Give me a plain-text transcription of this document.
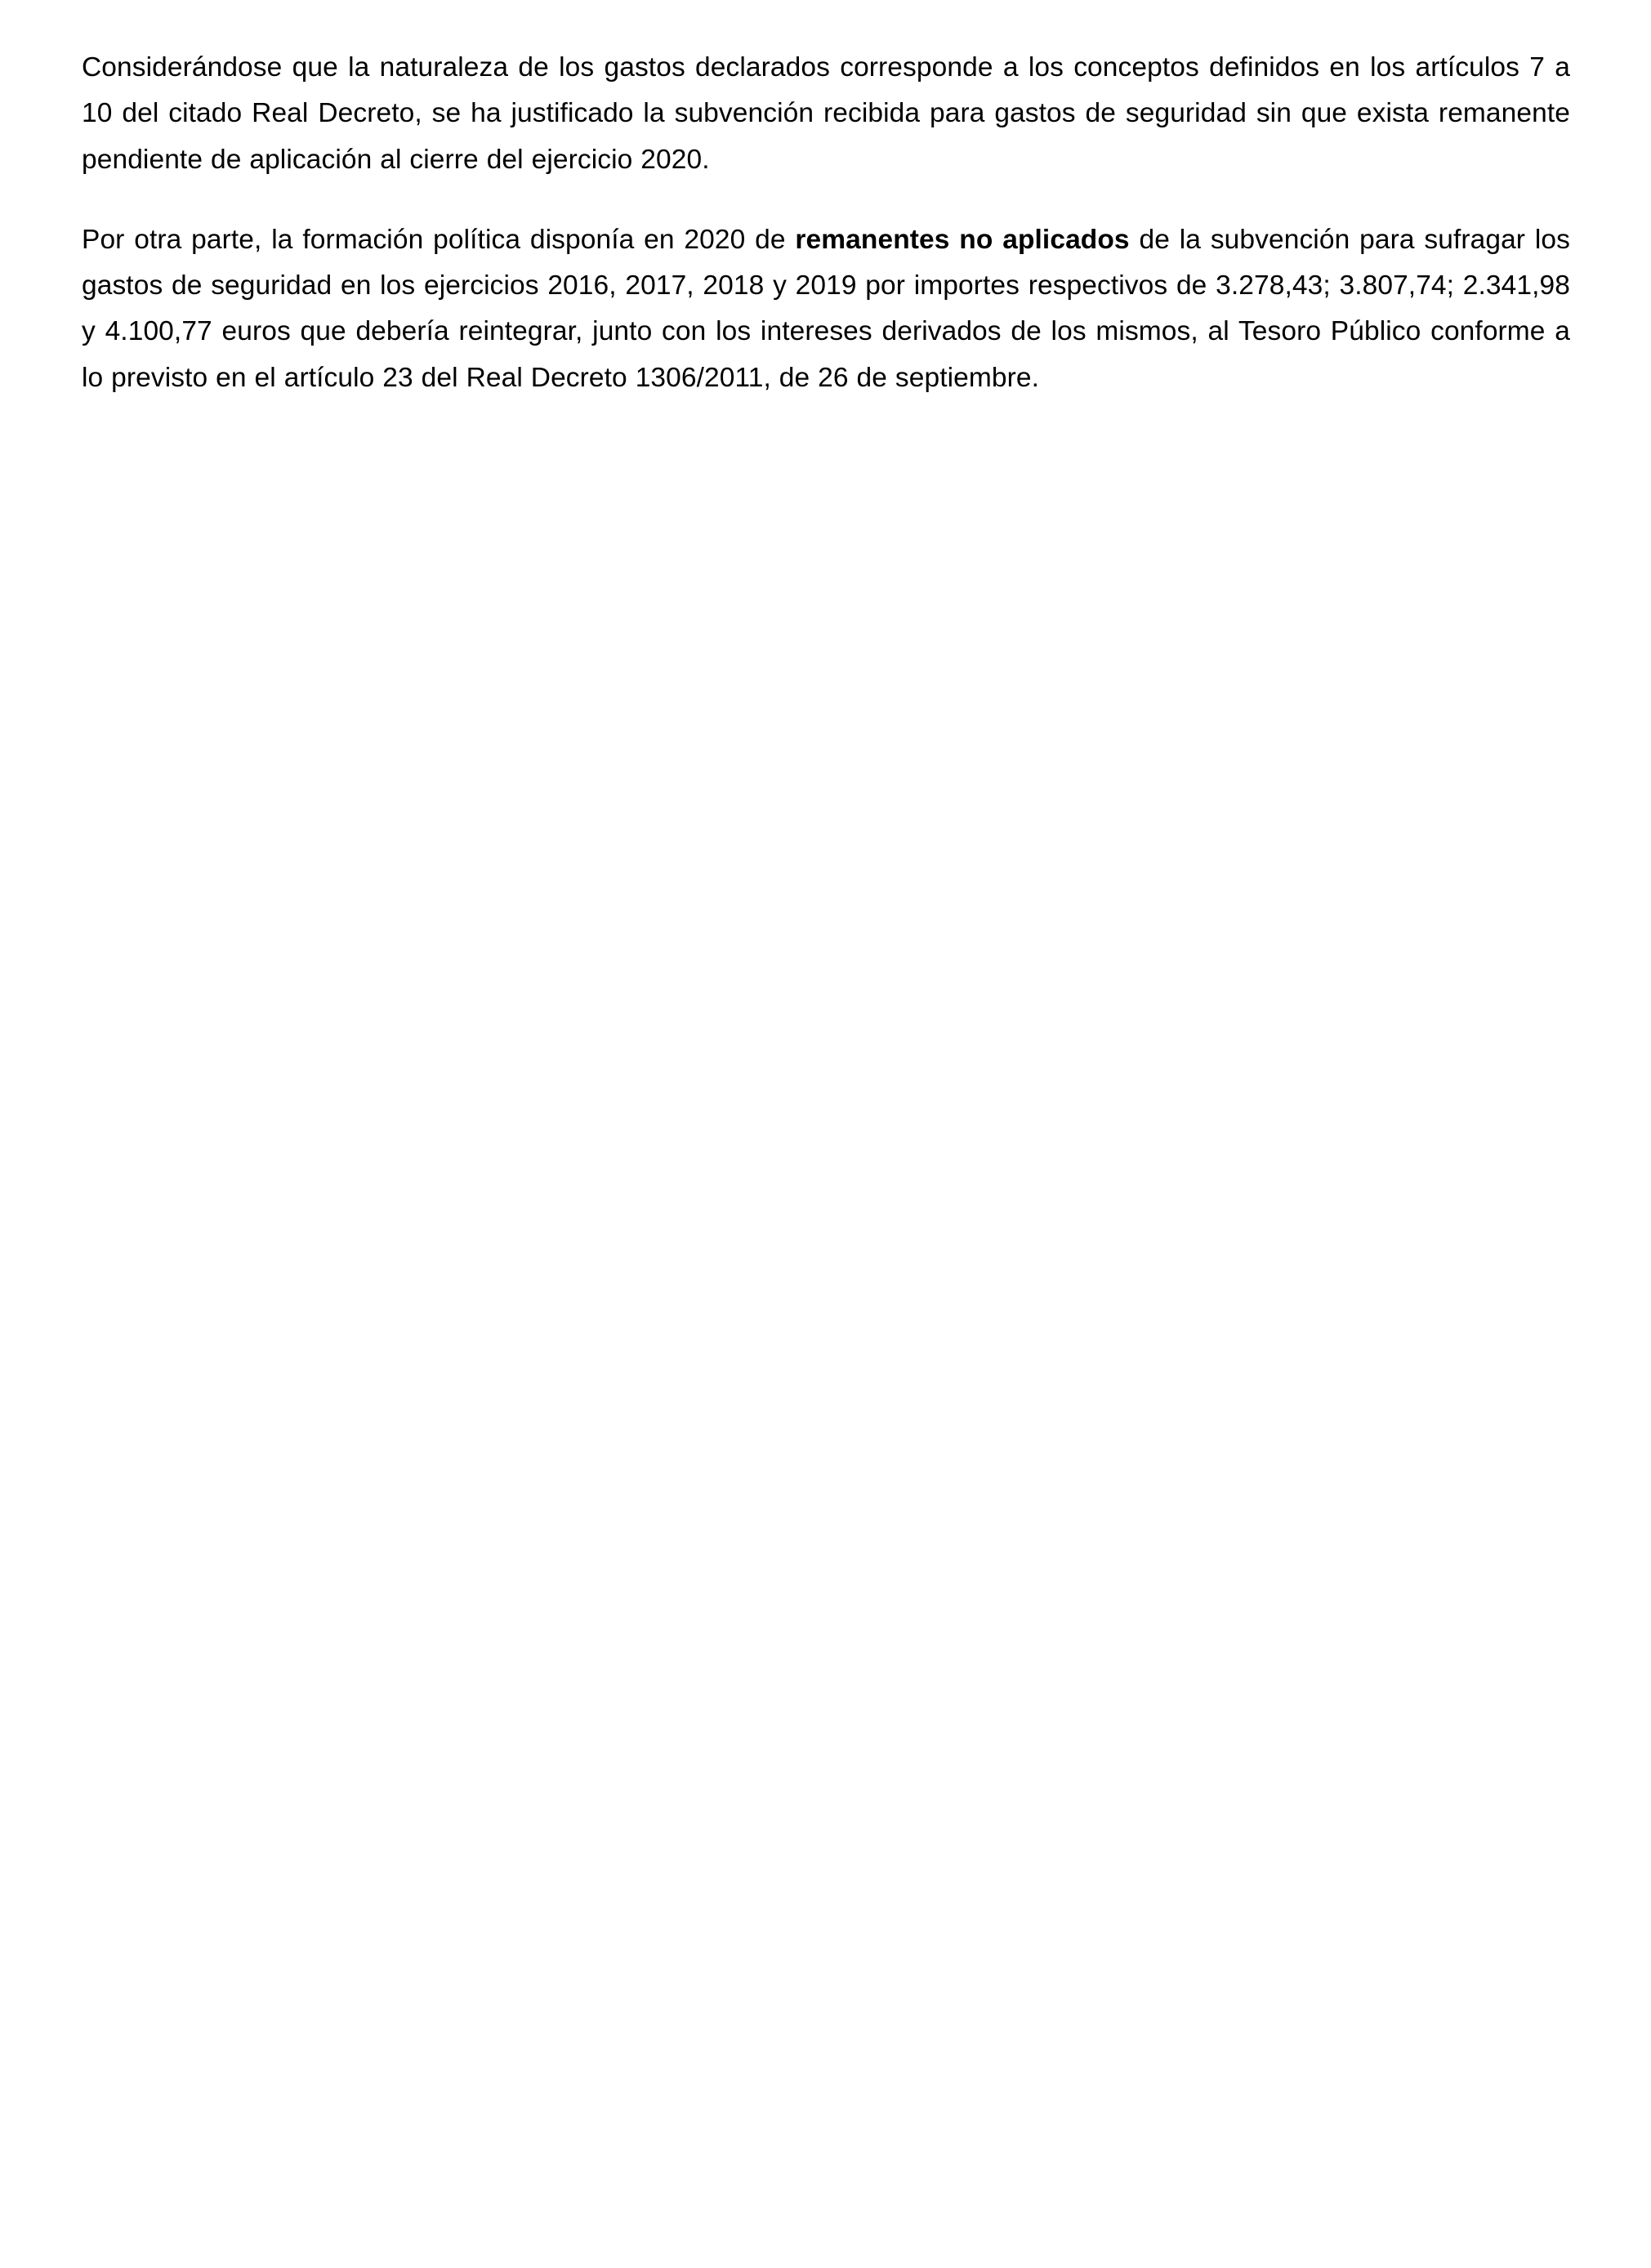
Considerándose que la naturaleza de los gastos declarados corresponde a los conceptos definidos en los artículos 7 a 10 del citado Real Decreto, se ha justificado la subvención recibida para gastos de seguridad sin que exista remanente pendiente de aplicación al cierre del ejercicio 2020.

Por otra parte, la formación política disponía en 2020 de remanentes no aplicados de la subvención para sufragar los gastos de seguridad en los ejercicios 2016, 2017, 2018 y 2019 por importes respectivos de 3.278,43; 3.807,74; 2.341,98 y 4.100,77 euros que debería reintegrar, junto con los intereses derivados de los mismos, al Tesoro Público conforme a lo previsto en el artículo 23 del Real Decreto 1306/2011, de 26 de septiembre.
